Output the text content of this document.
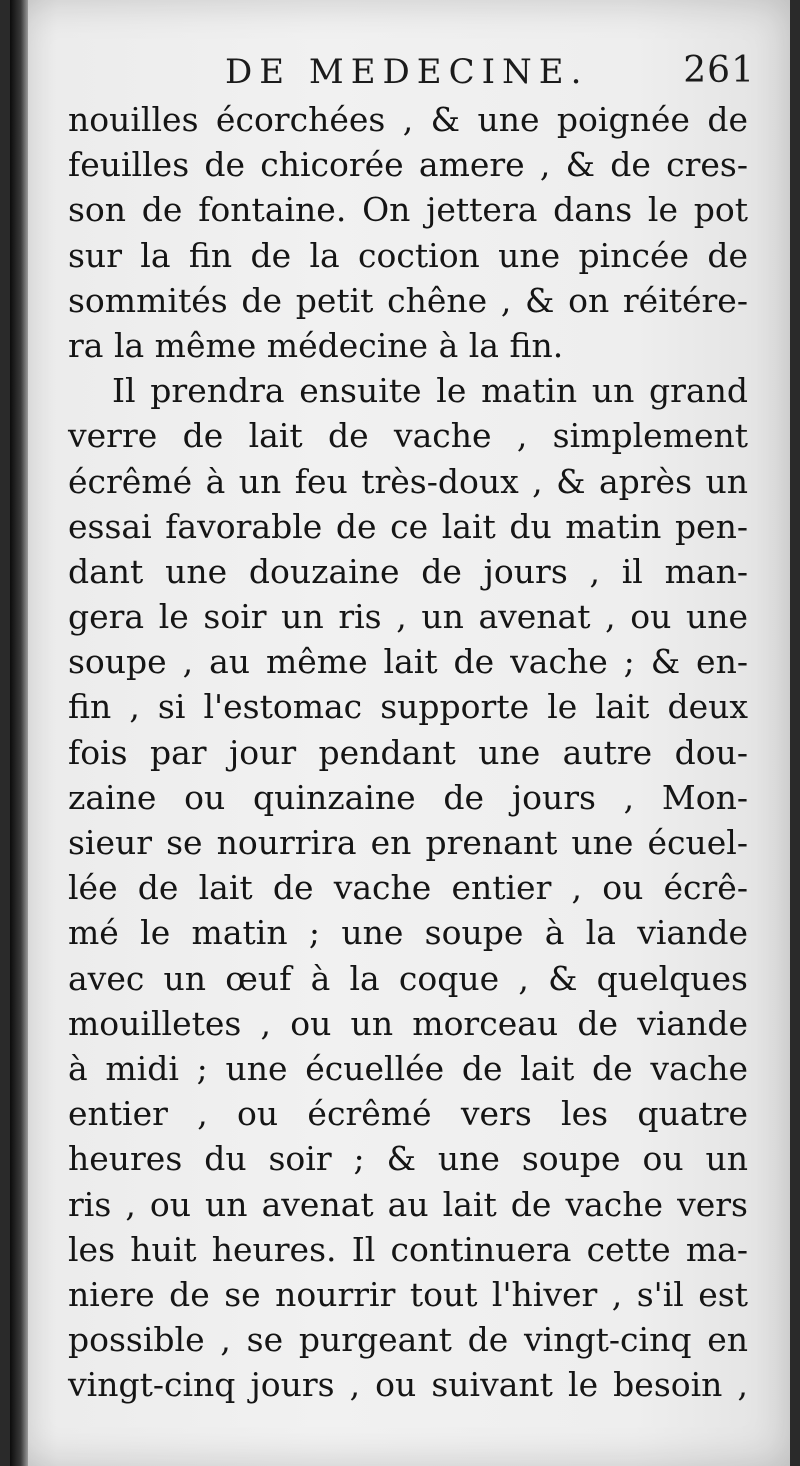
DE MEDECINE.	261
nouilles écorchées , & une poignée de
feuilles de chicorée amere , & de cres-
son de fontaine. On jettera dans le pot
sur la fin de la coction une pincée de
sommités de petit chêne , & on réitére-
ra la même médecine à la fin.
Il prendra ensuite le matin un grand
verre de lait de vache , simplement
écrêmé à un feu très-doux , & après un
essai favorable de ce lait du matin pen-
dant une douzaine de jours , il man-
gera le soir un ris , un avenat , ou une
soupe , au même lait de vache ; & en-
fin , si l'estomac supporte le lait deux
fois par jour pendant une autre dou-
zaine ou quinzaine de jours , Mon-
sieur se nourrira en prenant une écuel-
lée de lait de vache entier , ou écrê-
mé le matin ; une soupe à la viande
avec un œuf à la coque , & quelques
mouilletes , ou un morceau de viande
à midi ; une écuellée de lait de vache
entier , ou écrêmé vers les quatre
heures du soir ; & une soupe ou un
ris , ou un avenat au lait de vache vers
les huit heures. Il continuera cette ma-
niere de se nourrir tout l'hiver , s'il est
possible , se purgeant de vingt-cinq en
vingt-cinq jours , ou suivant le besoin ,
